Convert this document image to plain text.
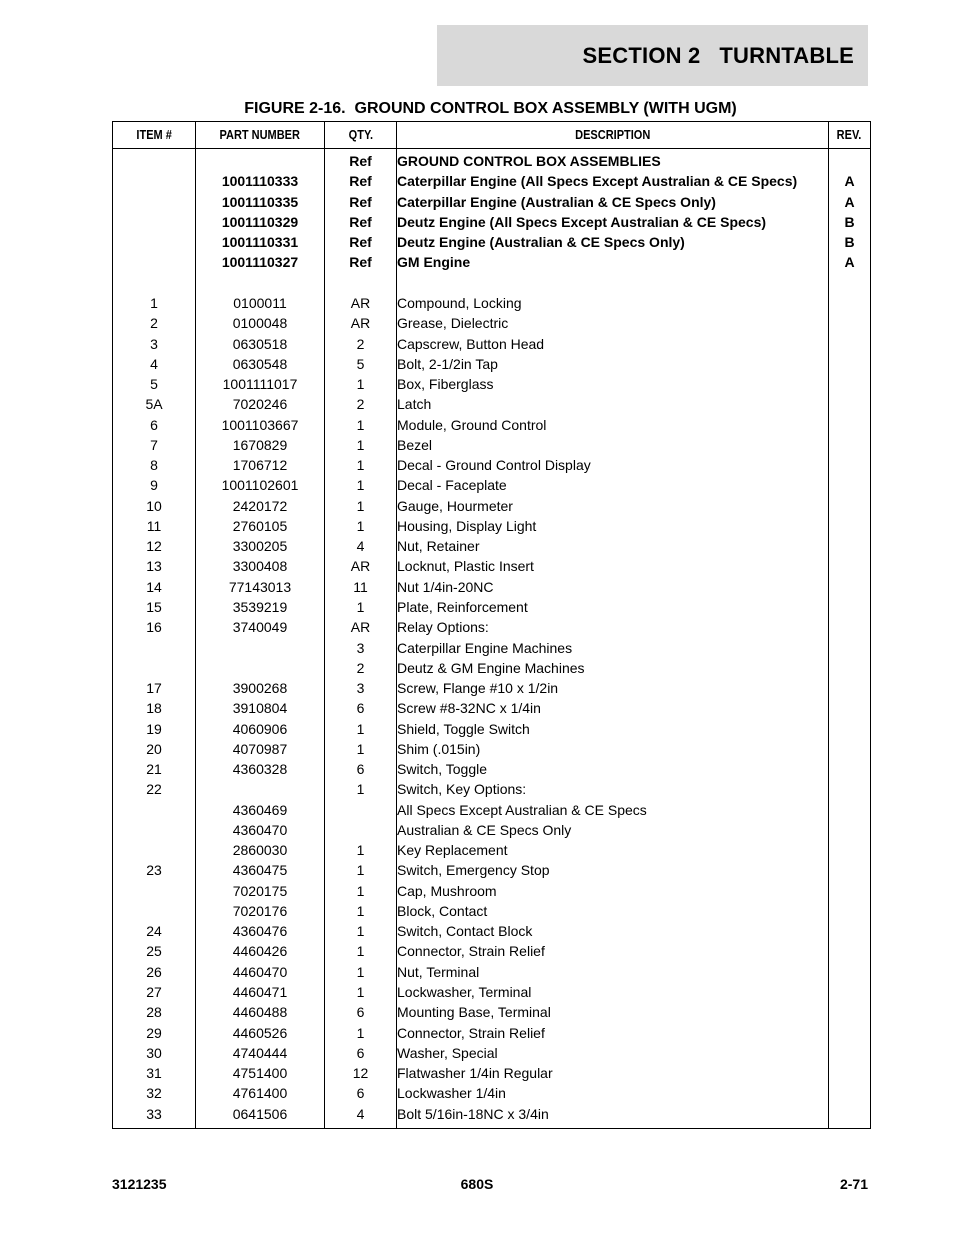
SECTION 2   TURNTABLE
FIGURE 2-16.  GROUND CONTROL BOX ASSEMBLY (WITH UGM)
ITEM #	PART NUMBER	QTY.	DESCRIPTION	REV.
		Ref	GROUND CONTROL BOX ASSEMBLIES	
	1001110333	Ref	Caterpillar Engine (All Specs Except Australian & CE Specs)	A
	1001110335	Ref	Caterpillar Engine (Australian & CE Specs Only)	A
	1001110329	Ref	Deutz Engine (All Specs Except Australian & CE Specs)	B
	1001110331	Ref	Deutz Engine (Australian & CE Specs Only)	B
	1001110327	Ref	GM Engine	A

1	0100011	AR	Compound, Locking	
2	0100048	AR	Grease, Dielectric	
3	0630518	2	Capscrew, Button Head	
4	0630548	5	Bolt, 2-1/2in Tap	
5	1001111017	1	Box, Fiberglass	
5A	7020246	2	Latch	
6	1001103667	1	Module, Ground Control	
7	1670829	1	Bezel	
8	1706712	1	Decal - Ground Control Display	
9	1001102601	1	Decal - Faceplate	
10	2420172	1	Gauge, Hourmeter	
11	2760105	1	Housing, Display Light	
12	3300205	4	Nut, Retainer	
13	3300408	AR	Locknut, Plastic Insert	
14	77143013	11	Nut 1/4in-20NC	
15	3539219	1	Plate, Reinforcement	
16	3740049	AR	Relay Options:	
		3	Caterpillar Engine Machines	
		2	Deutz & GM Engine Machines	
17	3900268	3	Screw, Flange #10 x 1/2in	
18	3910804	6	Screw #8-32NC x 1/4in	
19	4060906	1	Shield, Toggle Switch	
20	4070987	1	Shim (.015in)	
21	4360328	6	Switch, Toggle	
22		1	Switch, Key Options:	
	4360469		All Specs Except Australian & CE Specs	
	4360470		Australian & CE Specs Only	
	2860030	1	Key Replacement	
23	4360475	1	Switch, Emergency Stop	
	7020175	1	Cap, Mushroom	
	7020176	1	Block, Contact	
24	4360476	1	Switch, Contact Block	
25	4460426	1	Connector, Strain Relief	
26	4460470	1	Nut, Terminal	
27	4460471	1	Lockwasher, Terminal	
28	4460488	6	Mounting Base, Terminal	
29	4460526	1	Connector, Strain Relief	
30	4740444	6	Washer, Special	
31	4751400	12	Flatwasher 1/4in Regular	
32	4761400	6	Lockwasher 1/4in	
33	0641506	4	Bolt 5/16in-18NC x 3/4in	
3121235	680S	2-71
